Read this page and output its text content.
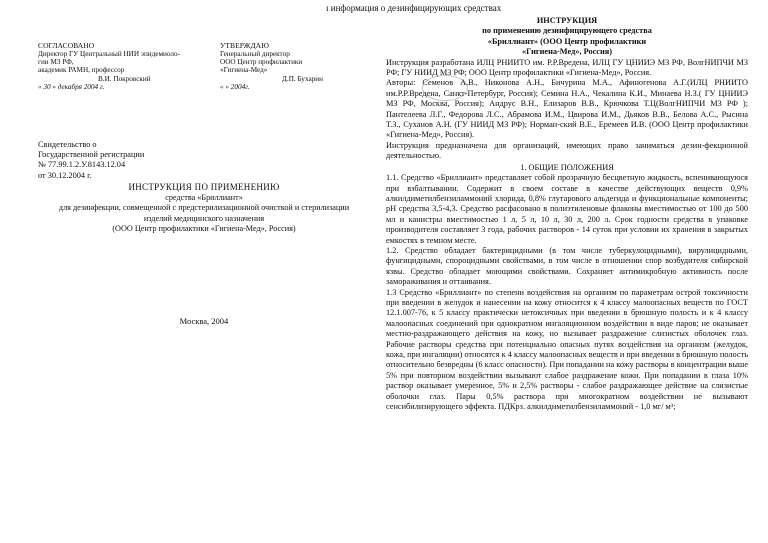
ı информация о дезинфицирующих средствах
СОГЛАСОВАНО
Директор ГУ Центральный НИИ эпидемиоло-
гии МЗ РФ,
академик РАМН, профессор
В.И. Покровский
« 30 » декабря 2004 г.
УТВЕРЖДАЮ
Генеральный директор
ООО Центр профилактики
«Гигиена-Мед»
Д.П. Бухарин
« » 2004г.
Свидетельство о
Государственной регистрации
№ 77.99.1.2.У.8143.12.04
от 30.12.2004 г.
ИНСТРУКЦИЯ ПО ПРИМЕНЕНИЮ
средства «Бриллиант»
для дезинфекции, совмещенной с предстерилизационной очисткой и стерилизации
изделий медицинского назначения
(ООО Центр профилактики «Гигиена-Мед», Россия)
Москва, 2004
ИНСТРУКЦИЯ
по применению дезинфицирующего средства
«Бриллиант» (ООО Центр профилактики
«Гигиена-Мед», Россия)

Инструкция разработана ИЛЦ РНИИТО им. Р.Р.Вредена, ИЛЦ ГУ ЦНИИЭ МЗ РФ, ВолгНИПЧИ МЗ РФ; ГУ НИИД МЗ РФ; ООО Центр профилактики «Гигиена-Мед», Россия.

Авторы: Семенов А.В., Никонова А.Н., Бичурина М.А., Афиногенова А.Г.(ИЛЦ РНИИТО им.Р.Р.Вредена, Санкт-Петербург, Россия); Семина Н.А., Чекалина К.И., Минаева Н.З.( ГУ ЦНИИЭ МЗ РФ, Москва, Россия); Андрус В.Н., Елизаров В.В., Крючкова Т.Ц(ВолгНИПЧИ МЗ РФ ); Пантелеева Л.Г., Федорова Л.С., Абрамова И.М., Цвирова И.М., Дьяков В.В., Белова А.С., Рысина Т.З., Суханов А.Н. (ГУ НИИД МЗ РФ); Норман-ский В.Е., Еремеев И.В. (ООО Центр профилактики «Гигиена-Мед», Россия).

Инструкция предназначена для организаций, имеющих право заниматься дезин-фекционной деятельностью.

1. ОБЩИЕ ПОЛОЖЕНИЯ

1.1. Средство «Бриллиант» представляет собой прозрачную бесцветную жидкость, вспенивающуюся при взбалтывании. Содержит в своем составе в качестве действующих веществ 0,9% алкилдиметилбензиламмоний хлорида, 0,8% глутарового альдегида и функциональные компоненты; pH средства 3,5-4,3. Средство расфасовано в полиэтиленовые флаконы вместимостью от 100 до 500 мл и канистры вместимостью 1 л, 5 л, 10 л, 30 л, 200 л. Срок годности средства в упаковке производителя составляет 3 года, рабочих растворов - 14 суток при условии их хранения в закрытых емкостях в темном месте.

1.2. Средство обладает бактерицидными (в том числе туберкулоцидными), вирулицидными, фунгицидными, спороцидными свойствами, в том числе в отношении спор возбудителя сибирской язвы. Средство обладает моющими свойствами. Сохраняет антимикробную активность после замораживания и оттаивания.

1.3 Средство «Бриллиант» по степени воздействия на организм по параметрам острой токсичности при введении в желудок и нанесении на кожу относится к 4 классу малоопасных веществ по ГОСТ 12.1.007-76, к 5 классу практически нетоксичных при введении в брюшную полость и к 4 классу малоопасных соединений при однократном ингаляционном воздействии в виде паров; не оказывает местно-раздражающего действия на кожу, но вызывает раздражение слизистых оболочек глаз. Рабочие растворы средства при потенциально опасных путях воздействия на организм (желудок, кожа, при ингаляции) относятся к 4 классу малоопасных веществ и при введении в брюшную полость относительно безвредны (6 класс опасности). При попадании на кожу растворы в концентрации выше 5% при повторном воздействии вызывают слабое раздражение кожи. При попадании в глаза 10% раствор оказывает умеренное, 5% и 2,5% растворы - слабое раздражающее действие на слизистые оболочки глаз. Пары 0,5% раствора при многократном воздействии не вызывают сенсибилизирующего эффекта. ПДКрз. алкилдиметилбензиламмоний - 1,0 мг/ м³;
